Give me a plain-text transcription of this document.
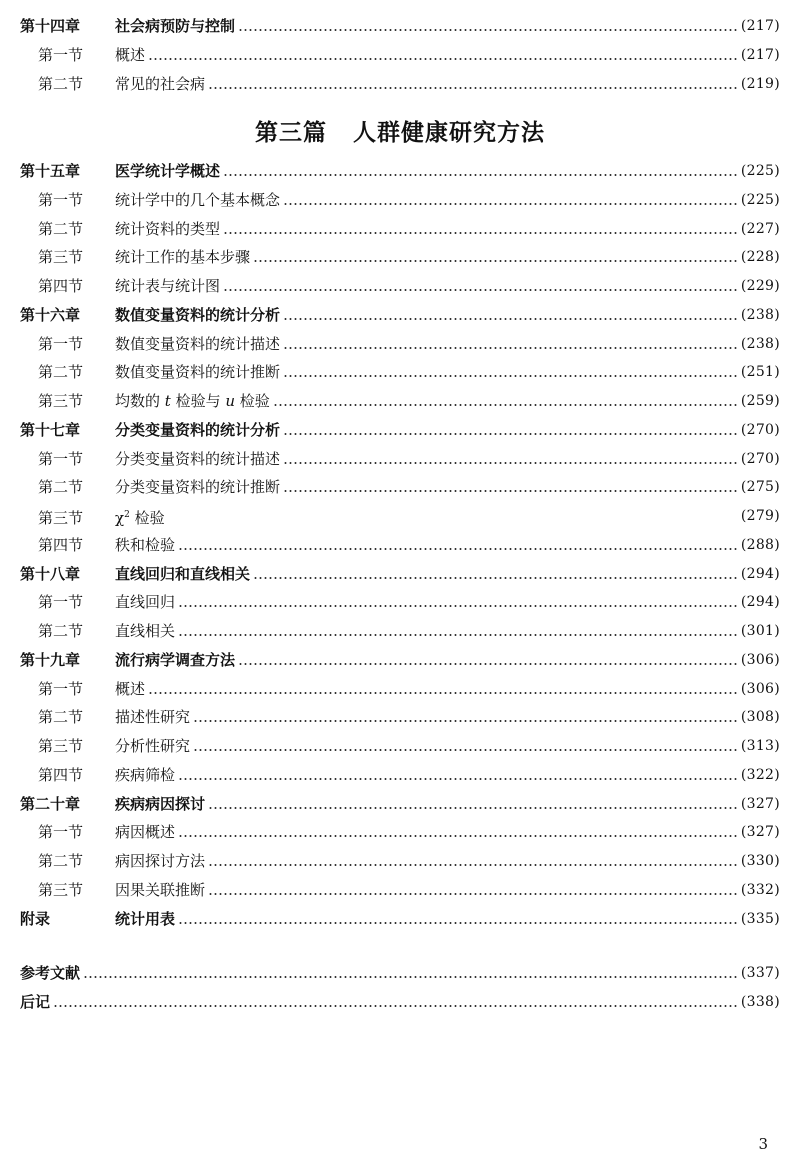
第十四章 社会病预防与控制	(217)
第一节 概述	(217)
第二节 常见的社会病	(219)
第三篇 人群健康研究方法
第十五章 医学统计学概述	(225)
第一节 统计学中的几个基本概念	(225)
第二节 统计资料的类型	(227)
第三节 统计工作的基本步骤	(228)
第四节 统计表与统计图	(229)
第十六章 数值变量资料的统计分析	(238)
第一节 数值变量资料的统计描述	(238)
第二节 数值变量资料的统计推断	(251)
第三节 均数的 t 检验与 u 检验	(259)
第十七章 分类变量资料的统计分析	(270)
第一节 分类变量资料的统计描述	(270)
第二节 分类变量资料的统计推断	(275)
第三节 $\chi^2$ 检验	(279)
第四节 秩和检验	(288)
第十八章 直线回归和直线相关	(294)
第一节 直线回归	(294)
第二节 直线相关	(301)
第十九章 流行病学调查方法	(306)
第一节 概述	(306)
第二节 描述性研究	(308)
第三节 分析性研究	(313)
第四节 疾病筛检	(322)
第二十章 疾病病因探讨	(327)
第一节 病因概述	(327)
第二节 病因探讨方法	(330)
第三节 因果关联推断	(332)
附录	统计用表	(335)
参考文献	(337)
后记	(338)
3
